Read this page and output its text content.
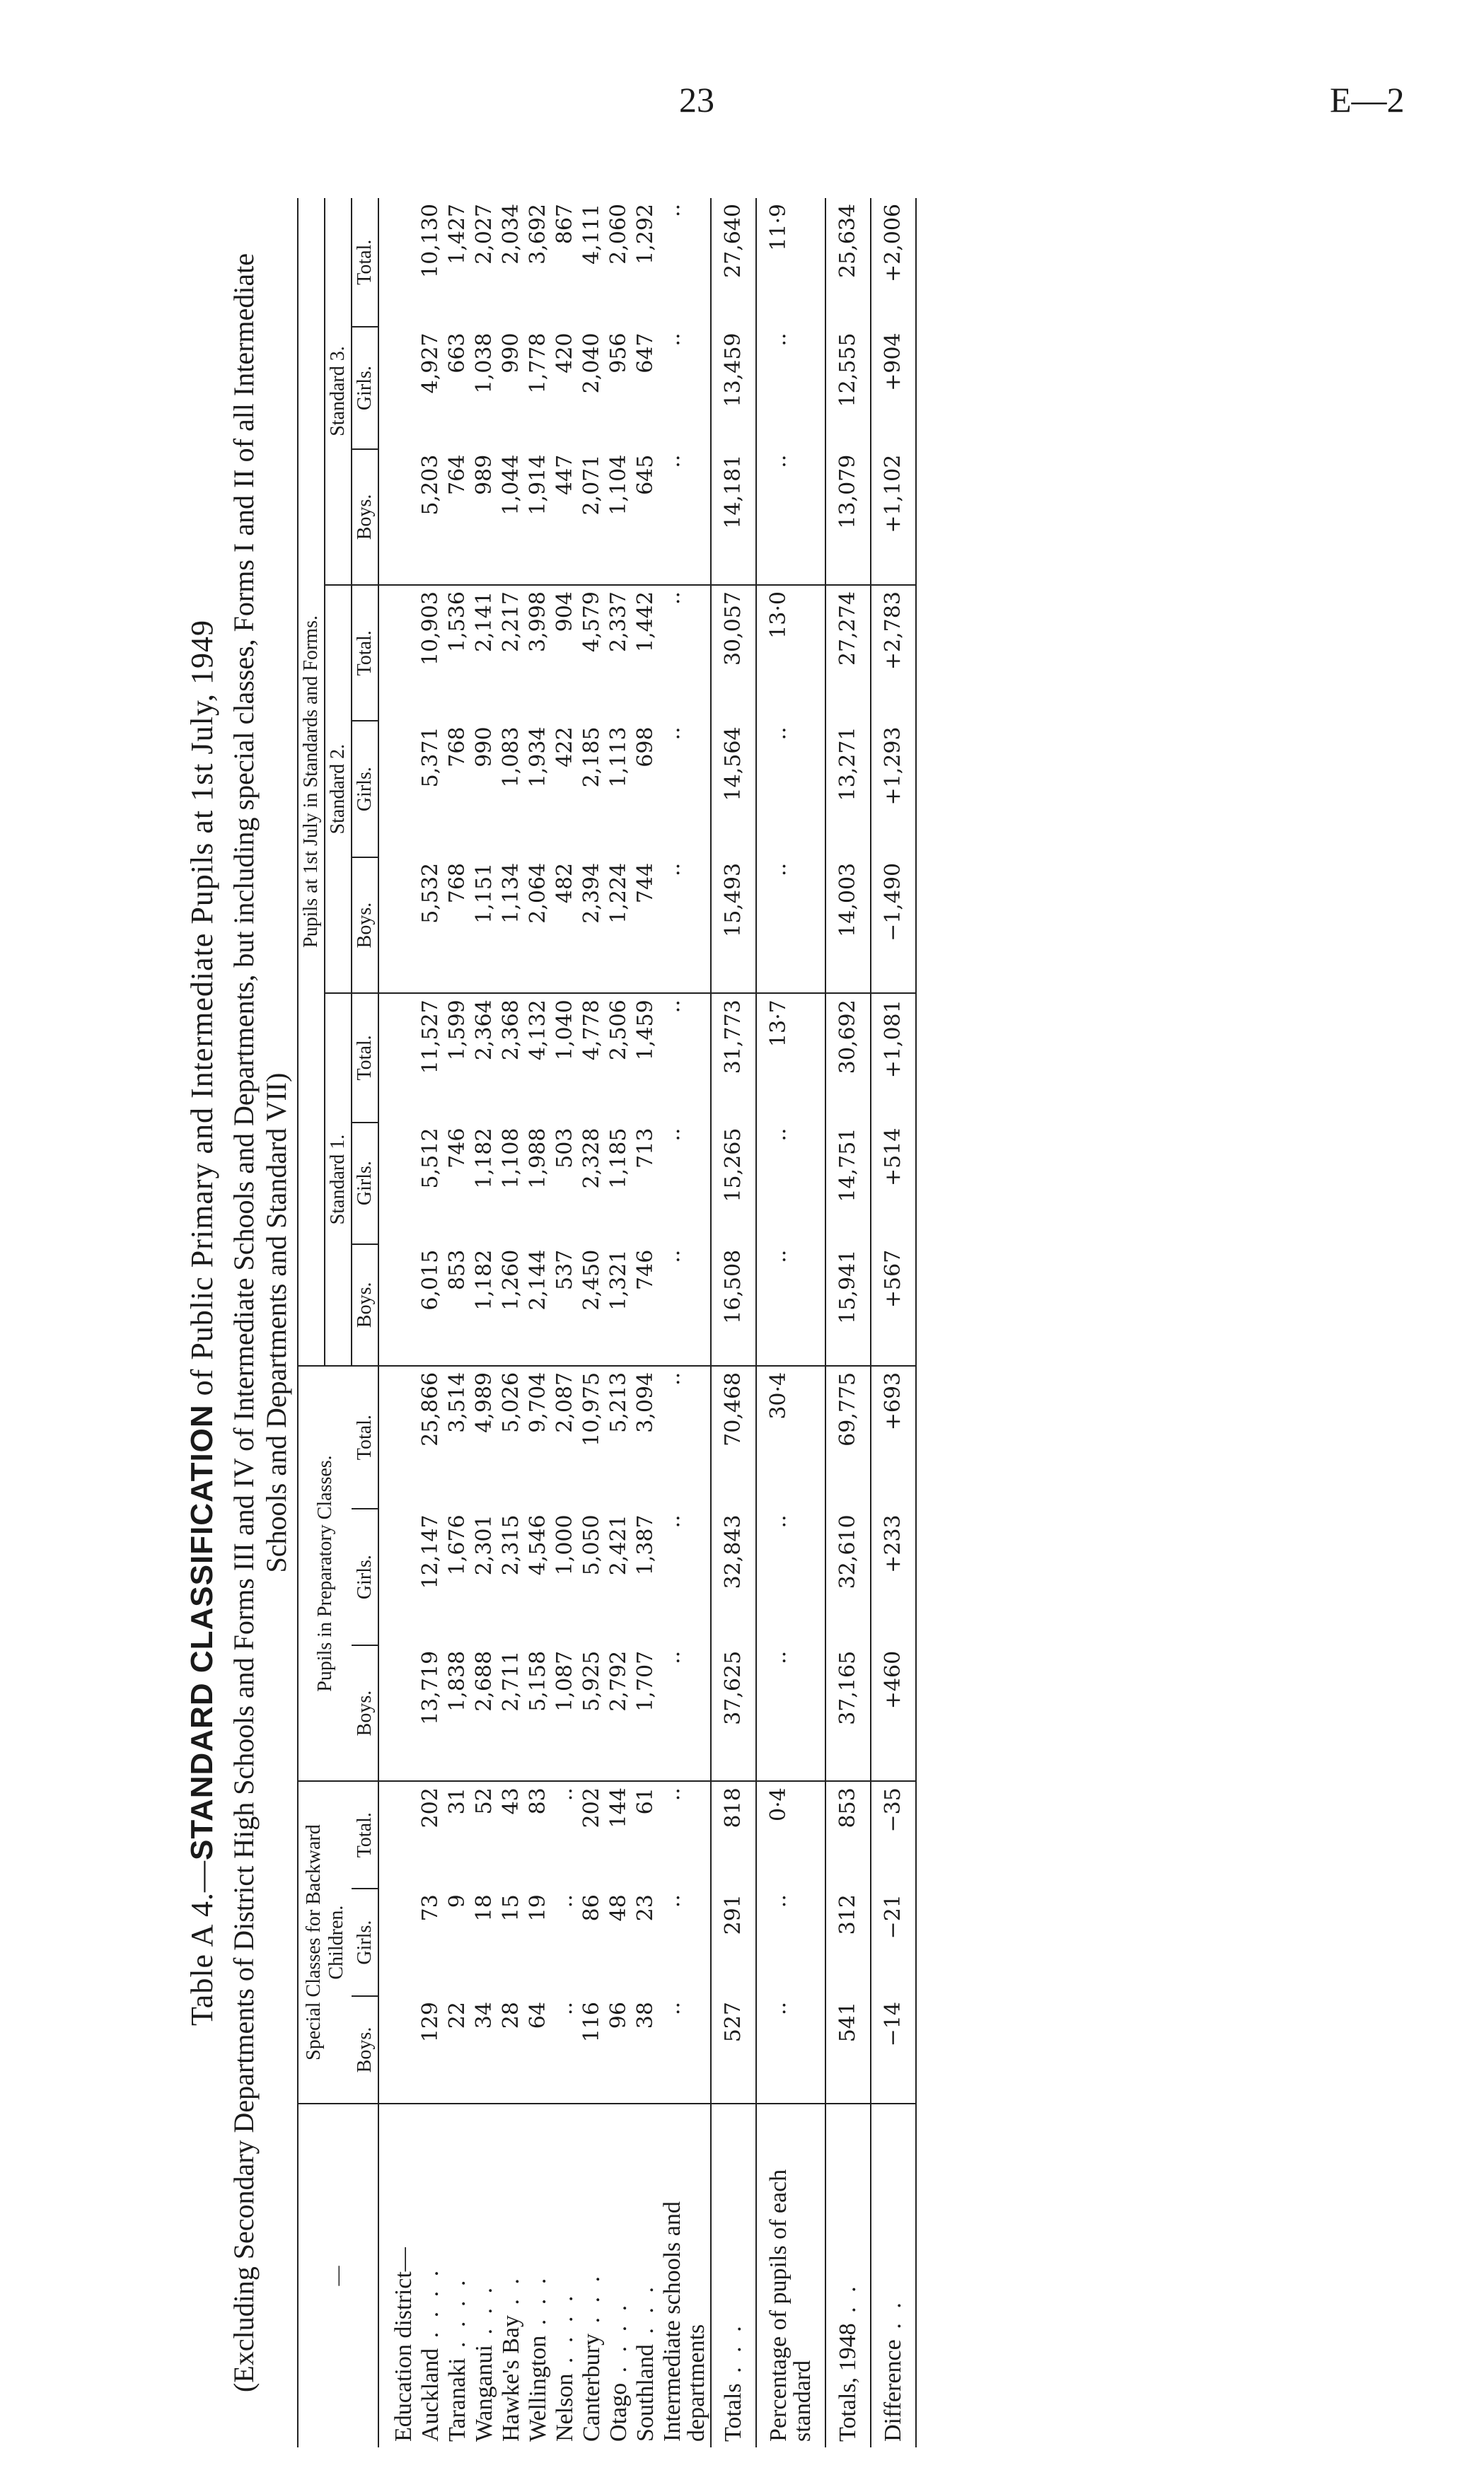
23	E—2
Table A 4.—STANDARD CLASSIFICATION of Public Primary and Intermediate Pupils at 1st July, 1949 (Excluding Secondary Departments of District High Schools and Forms III and IV of Intermediate Schools and Departments, but including special classes, Forms I and II of all Intermediate Schools and Departments and Standard VII)
—	Special Classes for Backward Children.			Pupils in Preparatory Classes.			Pupils at 1st July in Standards and Forms.								
							Standard 1.			Standard 2.			Standard 3.		
	Boys.	Girls.	Total.	Boys.	Girls.	Total.	Boys.	Girls.	Total.	Boys.	Girls.	Total.	Boys.	Girls.	Total.
Education district—															
Auckland . . . .	129	73	202	13,719	12,147	25,866	6,015	5,512	11,527	5,532	5,371	10,903	5,203	4,927	10,130
Taranaki . . . .	22	9	31	1,838	1,676	3,514	853	746	1,599	768	768	1,536	764	663	1,427
Wanganui . . .	34	18	52	2,688	2,301	4,989	1,182	1,182	2,364	1,151	990	2,141	989	1,038	2,027
Hawke's Bay . .	28	15	43	2,711	2,315	5,026	1,260	1,108	2,368	1,134	1,083	2,217	1,044	990	2,034
Wellington . . .	64	19	83	5,158	4,546	9,704	2,144	1,988	4,132	2,064	1,934	3,998	1,914	1,778	3,692
Nelson . . . .	..	..	..	1,087	1,000	2,087	537	503	1,040	482	422	904	447	420	867
Canterbury . . .	116	86	202	5,925	5,050	10,975	2,450	2,328	4,778	2,394	2,185	4,579	2,071	2,040	4,111
Otago . . . .	96	48	144	2,792	2,421	5,213	1,321	1,185	2,506	1,224	1,113	2,337	1,104	956	2,060
Southland . . .	38	23	61	1,707	1,387	3,094	746	713	1,459	744	698	1,442	645	647	1,292
Intermediate schools and departments	..	..	..	..	..	..	..	..	..	..	..	..	..	..	..
Totals . . .	527	291	818	37,625	32,843	70,468	16,508	15,265	31,773	15,493	14,564	30,057	14,181	13,459	27,640
Percentage of pupils of each standard	..	..	0·4	..	..	30·4	..	..	13·7	..	..	13·0	..	..	11·9
Totals, 1948 . .	541	312	853	37,165	32,610	69,775	15,941	14,751	30,692	14,003	13,271	27,274	13,079	12,555	25,634
Difference . .	−14	−21	−35	+460	+233	+693	+567	+514	+1,081	−1,490	+1,293	+2,783	+1,102	+904	+2,006
